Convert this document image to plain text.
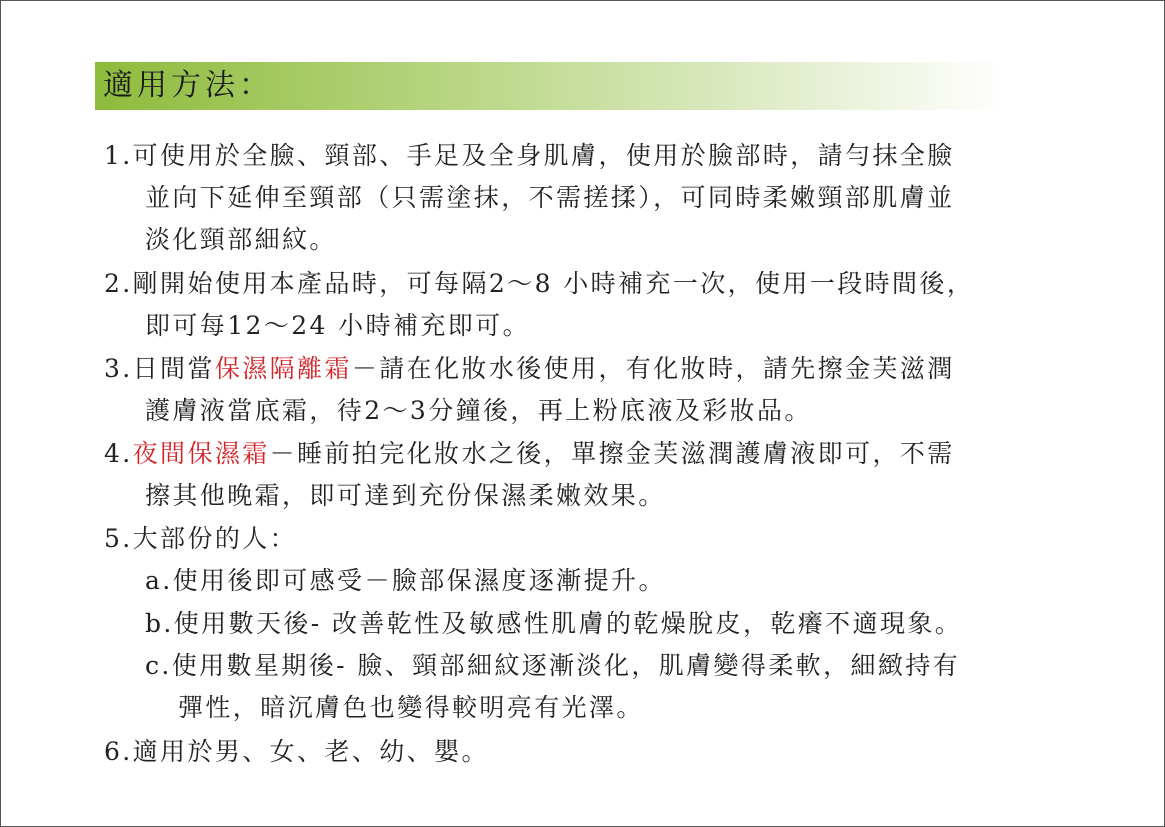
適用方法：
1.可使用於全臉、頸部、手足及全身肌膚，使用於臉部時，請勻抹全臉
並向下延伸至頸部（只需塗抹，不需搓揉），可同時柔嫩頸部肌膚並
淡化頸部細紋。
2.剛開始使用本產品時，可每隔2～8 小時補充一次，使用一段時間後，
即可每12～24 小時補充即可。
3.日間當保濕隔離霜－請在化妝水後使用，有化妝時，請先擦金芙滋潤
護膚液當底霜，待2～3分鐘後，再上粉底液及彩妝品。
4.夜間保濕霜－睡前拍完化妝水之後，單擦金芙滋潤護膚液即可，不需
擦其他晚霜，即可達到充份保濕柔嫩效果。
5.大部份的人：
a.使用後即可感受－臉部保濕度逐漸提升。
b.使用數天後- 改善乾性及敏感性肌膚的乾燥脫皮，乾癢不適現象。
c.使用數星期後- 臉、頸部細紋逐漸淡化，肌膚變得柔軟，細緻持有
彈性，暗沉膚色也變得較明亮有光澤。
6.適用於男、女、老、幼、嬰。
